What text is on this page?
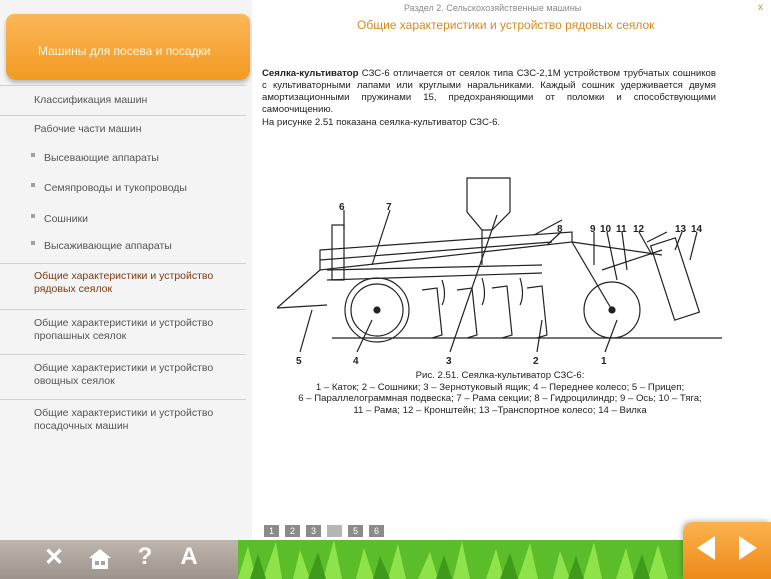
Машины для посева и посадки
Классификация машин
Рабочие части машин
Высевающие аппараты
Семяпроводы и тукопроводы
Сошники
Высаживающие аппараты
Общие характеристики и устройство рядовых сеялок
Общие характеристики и устройство пропашных сеялок
Общие характеристики и устройство овощных сеялок
Общие характеристики и устройство посадочных машин
Раздел 2. Сельскохозяйственные машины
Общие характеристики и устройство рядовых сеялок
x

Сеялка-культиватор СЗС-6 отличается от сеялок типа СЗС-2,1М устройством трубчатых сошников с культиваторными лапами или круглыми наральниками. Каждый сошник удерживается двумя амортизационными пружинами 15, предохраняющими от поломки и способствующими самоочищению.

На рисунке 2.51 показана сеялка-культиватор СЗС-6.

6	7
8	9 10 11 12	13 14
5	4	3	2	1
Рис. 2.51. Сеялка-культиватор СЗС-6:
1 – Каток; 2 – Сошники; 3 – Зернотуковый ящик; 4 – Переднее колесо; 5 – Прицеп;
6 – Параллелограммная подвеска; 7 – Рама секции; 8 – Гидроцилиндр; 9 – Ось; 10 – Тяга;
11 – Рама; 12 – Кронштейн; 13 –Транспортное колесо; 14 – Вилка
1 2 3 4 5 6
✕	? A
